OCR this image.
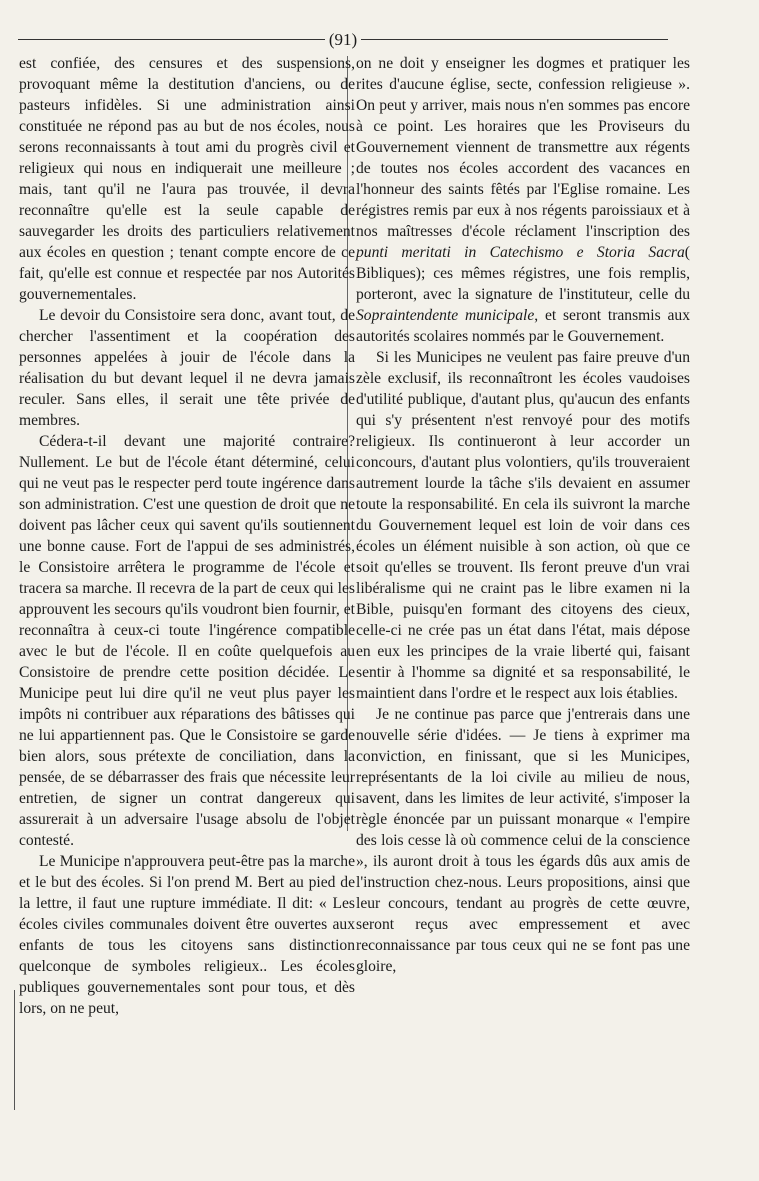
(91)

est confiée, des censures et des suspensions, provoquant même la destitution d'anciens, ou de pasteurs infidèles. Si une administration ainsi constituée ne répond pas au but de nos écoles, nous serons reconnaissants à tout ami du progrès civil et religieux qui nous en indiquerait une meilleure ; mais, tant qu'il ne l'aura pas trouvée, il devra reconnaître qu'elle est la seule capable de sauvegarder les droits des particuliers relativement aux écoles en question ; tenant compte encore de ce fait, qu'elle est connue et respectée par nos Autorités gouvernementales.

Le devoir du Consistoire sera donc, avant tout, de chercher l'assentiment et la coopération des personnes appelées à jouir de l'école dans la réalisation du but devant lequel il ne devra jamais reculer. Sans elles, il serait une tête privée de membres.

Cédera-t-il devant une majorité contraire? Nullement. Le but de l'école étant déterminé, celui qui ne veut pas le respecter perd toute ingérence dans son administration. C'est une question de droit que ne doivent pas lâcher ceux qui savent qu'ils soutiennent une bonne cause. Fort de l'appui de ses administrés, le Consistoire arrêtera le programme de l'école et tracera sa marche. Il recevra de la part de ceux qui les approuvent les secours qu'ils voudront bien fournir, et reconnaîtra à ceux-ci toute l'ingérence compatible avec le but de l'école. Il en coûte quelquefois au Consistoire de prendre cette position décidée. Le Municipe peut lui dire qu'il ne veut plus payer les impôts ni contribuer aux réparations des bâtisses qui ne lui appartiennent pas. Que le Consistoire se garde bien alors, sous prétexte de conciliation, dans la pensée, de se débarrasser des frais que nécessite leur entretien, de signer un contrat dangereux qui assurerait à un adversaire l'usage absolu de l'objet contesté.

Le Municipe n'approuvera peut-être pas la marche et le but des écoles. Si l'on prend M. Bert au pied de la lettre, il faut une rupture immédiate. Il dit: « Les écoles civiles communales doivent être ouvertes aux enfants de tous les citoyens sans distinction quelconque de symboles religieux.. Les écoles publiques gouvernementales sont pour tous, et dès lors, on ne peut,

on ne doit y enseigner les dogmes et pratiquer les rites d'aucune église, secte, confession religieuse ». On peut y arriver, mais nous n'en sommes pas encore à ce point. Les horaires que les Proviseurs du Gouvernement viennent de transmettre aux régents de toutes nos écoles accordent des vacances en l'honneur des saints fêtés par l'Eglise romaine. Les régistres remis par eux à nos régents paroissiaux et à nos maîtresses d'école réclament l'inscription des punti meritati in Catechismo e Storia Sacra( Bibliques); ces mêmes régistres, une fois remplis, porteront, avec la signature de l'instituteur, celle du Sopraintendente municipale, et seront transmis aux autorités scolaires nommés par le Gouvernement.

Si les Municipes ne veulent pas faire preuve d'un zèle exclusif, ils reconnaîtront les écoles vaudoises d'utilité publique, d'autant plus, qu'aucun des enfants qui s'y présentent n'est renvoyé pour des motifs religieux. Ils continueront à leur accorder un concours, d'autant plus volontiers, qu'ils trouveraient autrement lourde la tâche s'ils devaient en assumer toute la responsabilité. En cela ils suivront la marche du Gouvernement lequel est loin de voir dans ces écoles un élément nuisible à son action, où que ce soit qu'elles se trouvent. Ils feront preuve d'un vrai libéralisme qui ne craint pas le libre examen ni la Bible, puisqu'en formant des citoyens des cieux, celle-ci ne crée pas un état dans l'état, mais dépose en eux les principes de la vraie liberté qui, faisant sentir à l'homme sa dignité et sa responsabilité, le maintient dans l'ordre et le respect aux lois établies.

Je ne continue pas parce que j'entrerais dans une nouvelle série d'idées. — Je tiens à exprimer ma conviction, en finissant, que si les Municipes, représentants de la loi civile au milieu de nous, savent, dans les limites de leur activité, s'imposer la règle énoncée par un puissant monarque « l'empire des lois cesse là où commence celui de la conscience », ils auront droit à tous les égards dûs aux amis de l'instruction chez-nous. Leurs propositions, ainsi que leur concours, tendant au progrès de cette œuvre, seront reçus avec empressement et avec reconnaissance par tous ceux qui ne se font pas une gloire,
